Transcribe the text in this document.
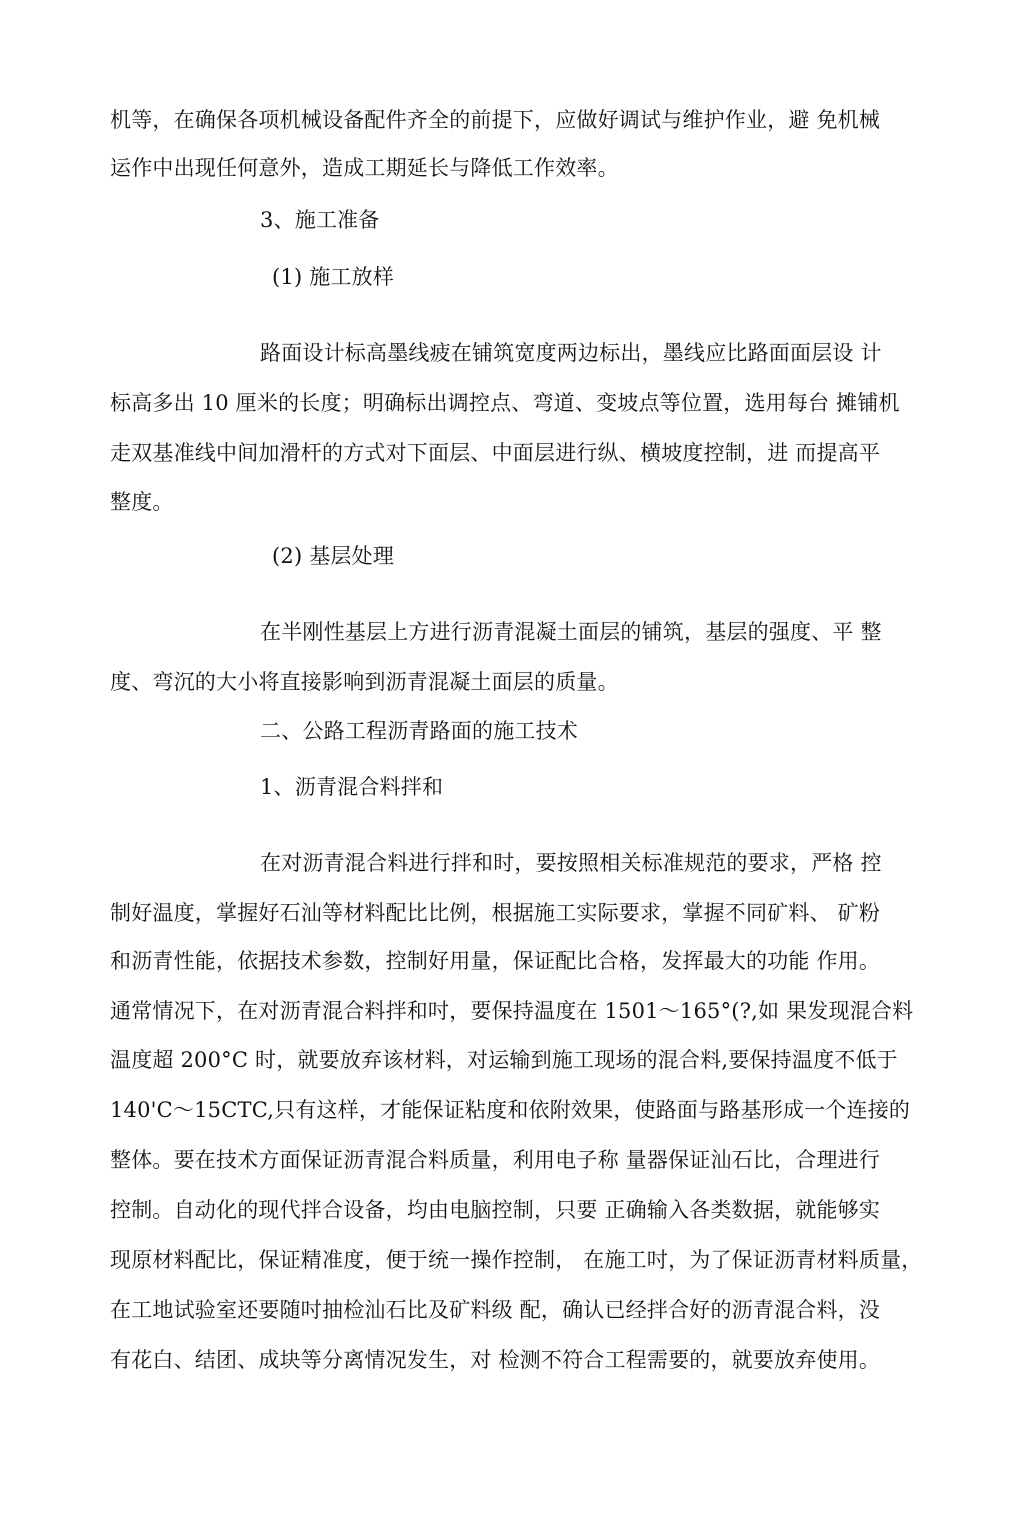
机等，在确保各项机械设备配件齐全的前提下，应做好调试与维护作业，避 免机械
运作中出现任何意外，造成工期延长与降低工作效率。
3、施工准备
(1) 施工放样
路面设计标高墨线疲在铺筑宽度两边标出，墨线应比路面面层设 计
标高多出 10 厘米的长度；明确标出调控点、弯道、变坡点等位置，选用每台 摊铺机
走双基准线中间加滑杆的方式对下面层、中面层进行纵、横坡度控制，进 而提高平
整度。
(2) 基层处理
在半刚性基层上方进行沥青混凝土面层的铺筑，基层的强度、平 整
度、弯沉的大小将直接影响到沥青混凝土面层的质量。
二、公路工程沥青路面的施工技术
1、沥青混合料拌和
在对沥青混合料进行拌和时，要按照相关标准规范的要求，严格 控
制好温度，掌握好石汕等材料配比比例，根据施工实际要求，掌握不同矿料、 矿粉
和沥青性能，依据技术参数，控制好用量，保证配比合格，发挥最大的功能 作用。
通常情况下，在对沥青混合料拌和吋，要保持温度在 1501～165°(?,如 果发现混合料
温度超 200°C 时，就要放弃该材料，对运输到施工现场的混合料,要保持温度不低于
140'C～15CTC,只有这样，才能保证粘度和依附效果，使路面与路基形成一个连接的
整体。要在技术方面保证沥青混合料质量，利用电子称 量器保证汕石比，合理进行
控制。自动化的现代拌合设备，均由电脑控制，只要 正确输入各类数据，就能够实
现原材料配比，保证精准度，便于统一操作控制， 在施工吋，为了保证沥青材料质量，
在工地试验室还要随吋抽检汕石比及矿料级 配，确认已经拌合好的沥青混合料，没
有花白、结团、成块等分离情况发生，对 检测不符合工程需要的，就要放弃使用。
